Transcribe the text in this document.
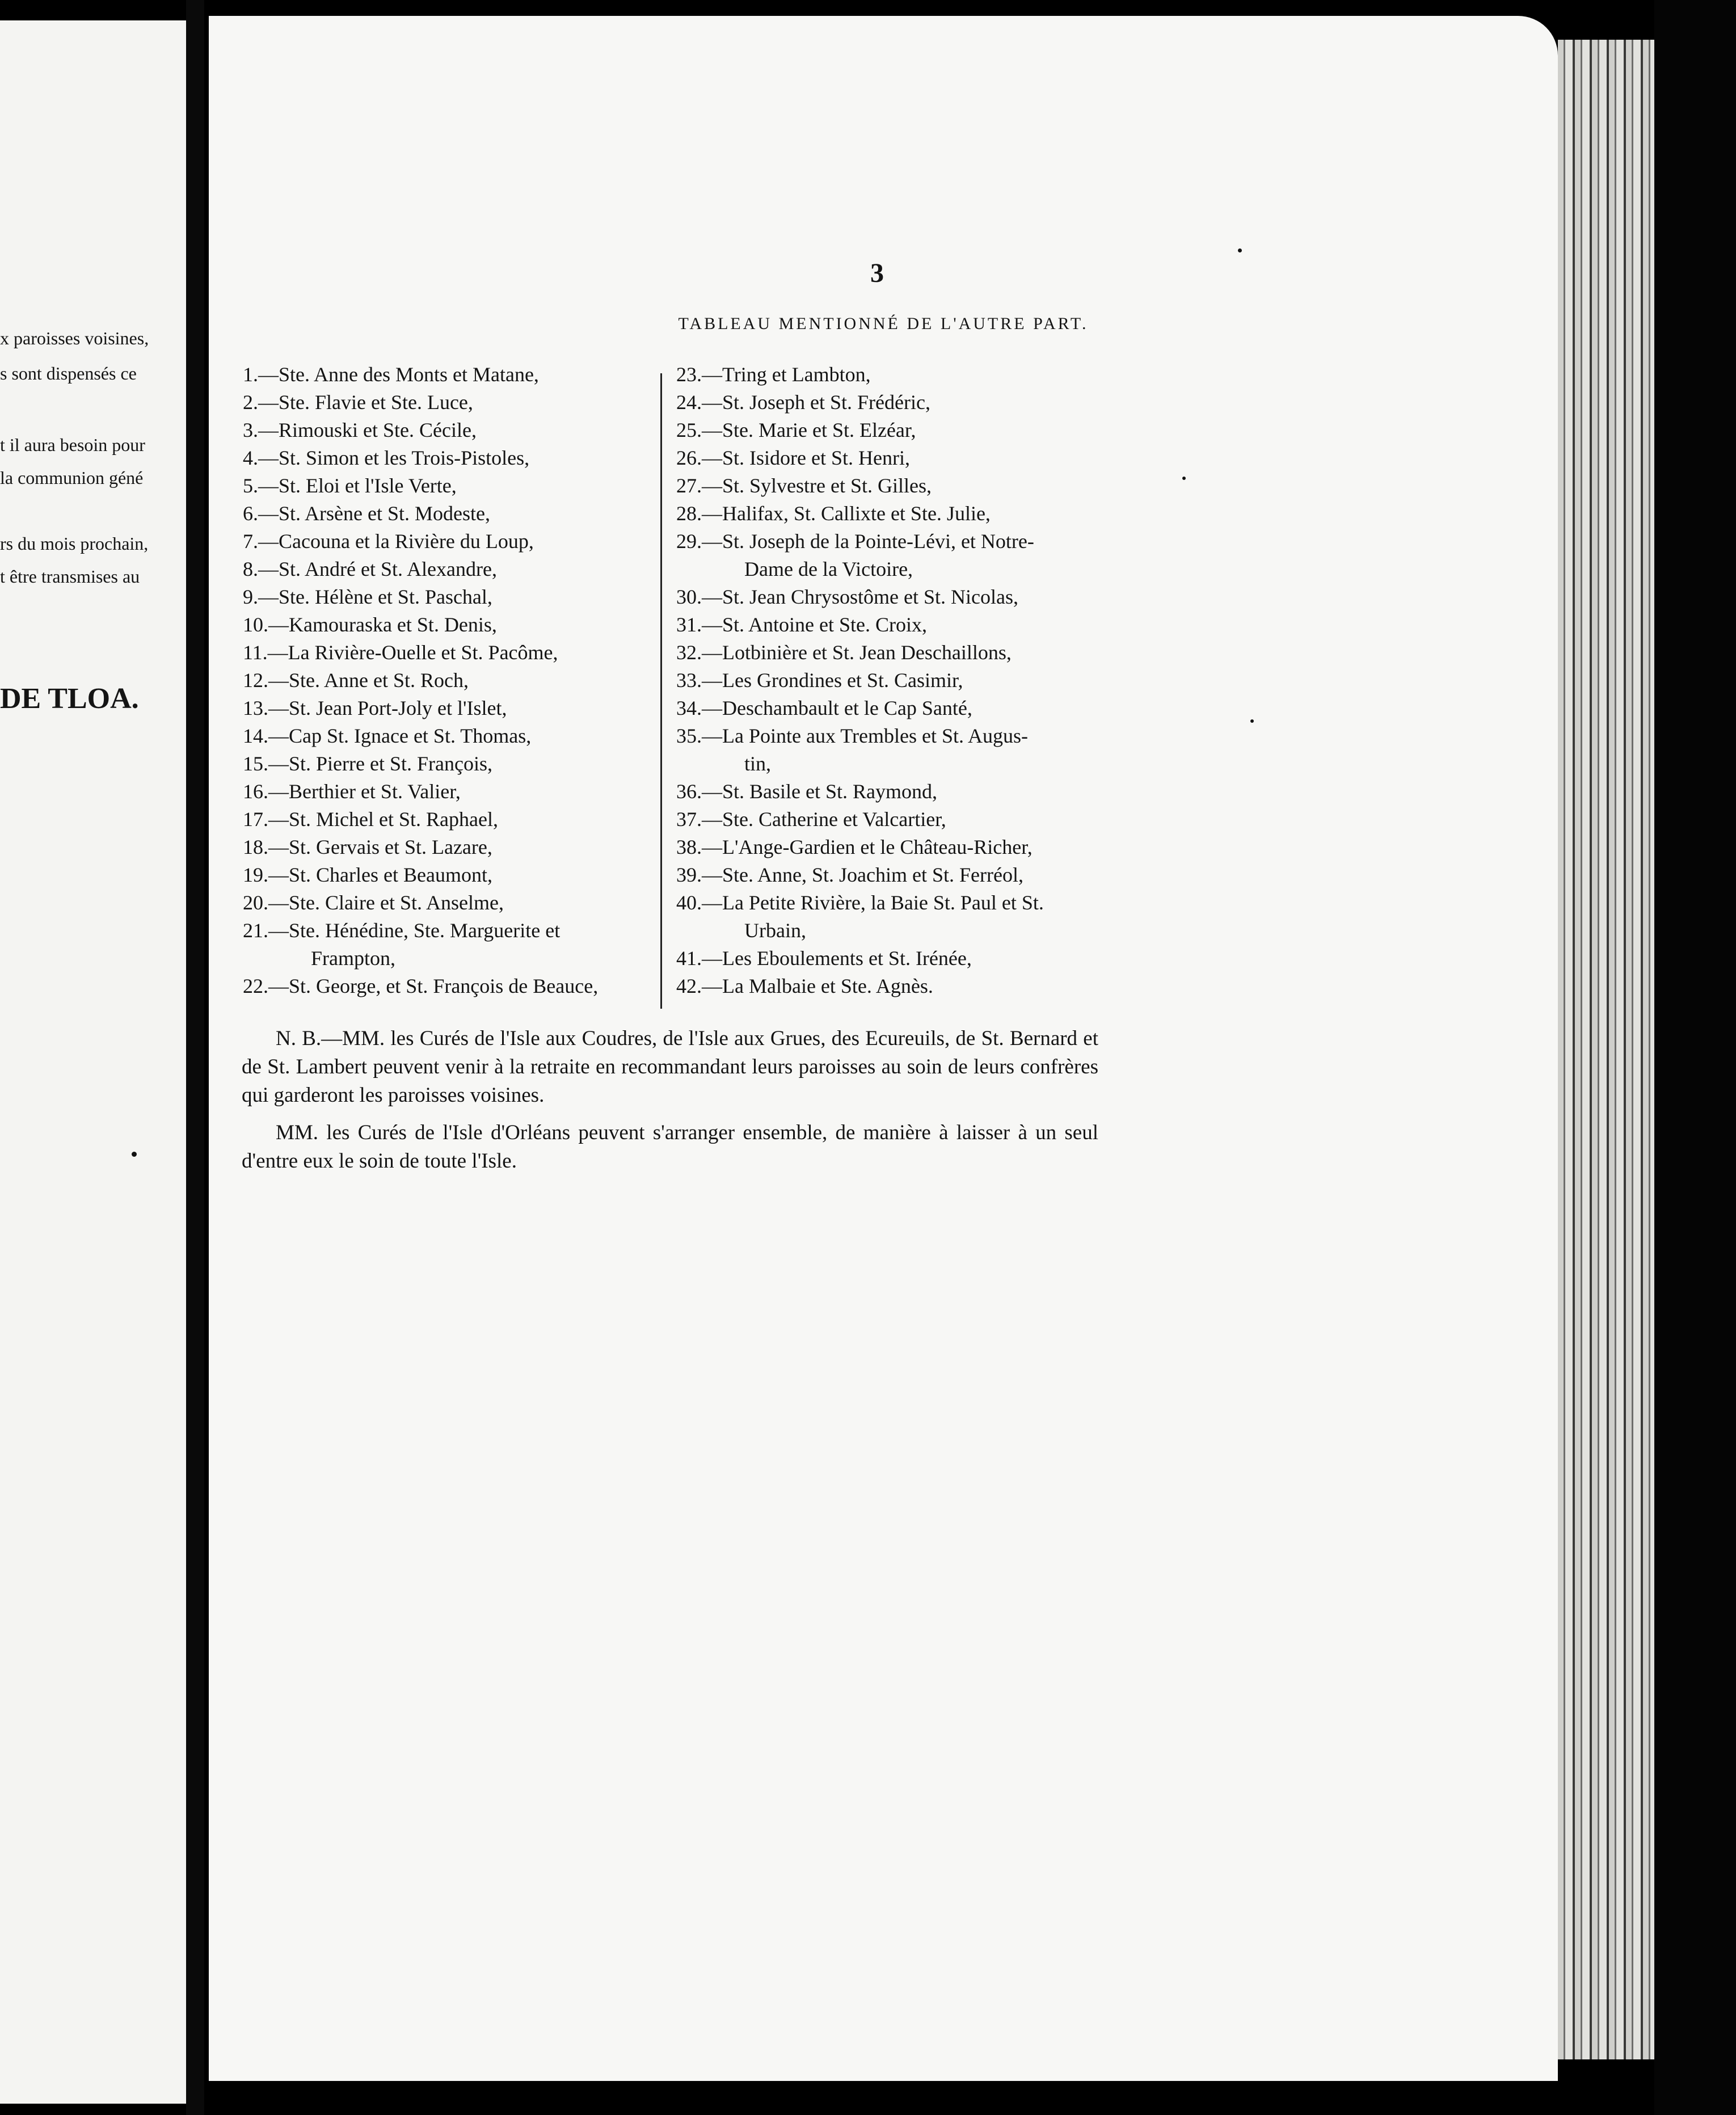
x paroisses voisines,
s sont dispensés ce
t il aura besoin pour
la communion géné
rs du mois prochain,
t être transmises au
DE TLOA.

3
TABLEAU MENTIONNÉ DE L'AUTRE PART.
1.—Ste. Anne des Monts et Matane,
2.—Ste. Flavie et Ste. Luce,
3.—Rimouski et Ste. Cécile,
4.—St. Simon et les Trois-Pistoles,
5.—St. Eloi et l'Isle Verte,
6.—St. Arsène et St. Modeste,
7.—Cacouna et la Rivière du Loup,
8.—St. André et St. Alexandre,
9.—Ste. Hélène et St. Paschal,
10.—Kamouraska et St. Denis,
11.—La Rivière-Ouelle et St. Pacôme,
12.—Ste. Anne et St. Roch,
13.—St. Jean Port-Joly et l'Islet,
14.—Cap St. Ignace et St. Thomas,
15.—St. Pierre et St. François,
16.—Berthier et St. Valier,
17.—St. Michel et St. Raphael,
18.—St. Gervais et St. Lazare,
19.—St. Charles et Beaumont,
20.—Ste. Claire et St. Anselme,
21.—Ste. Hénédine, Ste. Marguerite et
Frampton,
22.—St. George, et St. François de Beauce,
23.—Tring et Lambton,
24.—St. Joseph et St. Frédéric,
25.—Ste. Marie et St. Elzéar,
26.—St. Isidore et St. Henri,
27.—St. Sylvestre et St. Gilles,
28.—Halifax, St. Callixte et Ste. Julie,
29.—St. Joseph de la Pointe-Lévi, et Notre-
Dame de la Victoire,
30.—St. Jean Chrysostôme et St. Nicolas,
31.—St. Antoine et Ste. Croix,
32.—Lotbinière et St. Jean Deschaillons,
33.—Les Grondines et St. Casimir,
34.—Deschambault et le Cap Santé,
35.—La Pointe aux Trembles et St. Augus-
tin,
36.—St. Basile et St. Raymond,
37.—Ste. Catherine et Valcartier,
38.—L'Ange-Gardien et le Château-Richer,
39.—Ste. Anne, St. Joachim et St. Ferréol,
40.—La Petite Rivière, la Baie St. Paul et St.
Urbain,
41.—Les Eboulements et St. Irénée,
42.—La Malbaie et Ste. Agnès.
N. B.—MM. les Curés de l'Isle aux Coudres, de l'Isle aux Grues, des Ecureuils, de St. Bernard et de St. Lambert peuvent venir à la retraite en recommandant leurs paroisses au soin de leurs confrères qui garderont les paroisses voisines.
MM. les Curés de l'Isle d'Orléans peuvent s'arranger ensemble, de manière à laisser à un seul d'entre eux le soin de toute l'Isle.
